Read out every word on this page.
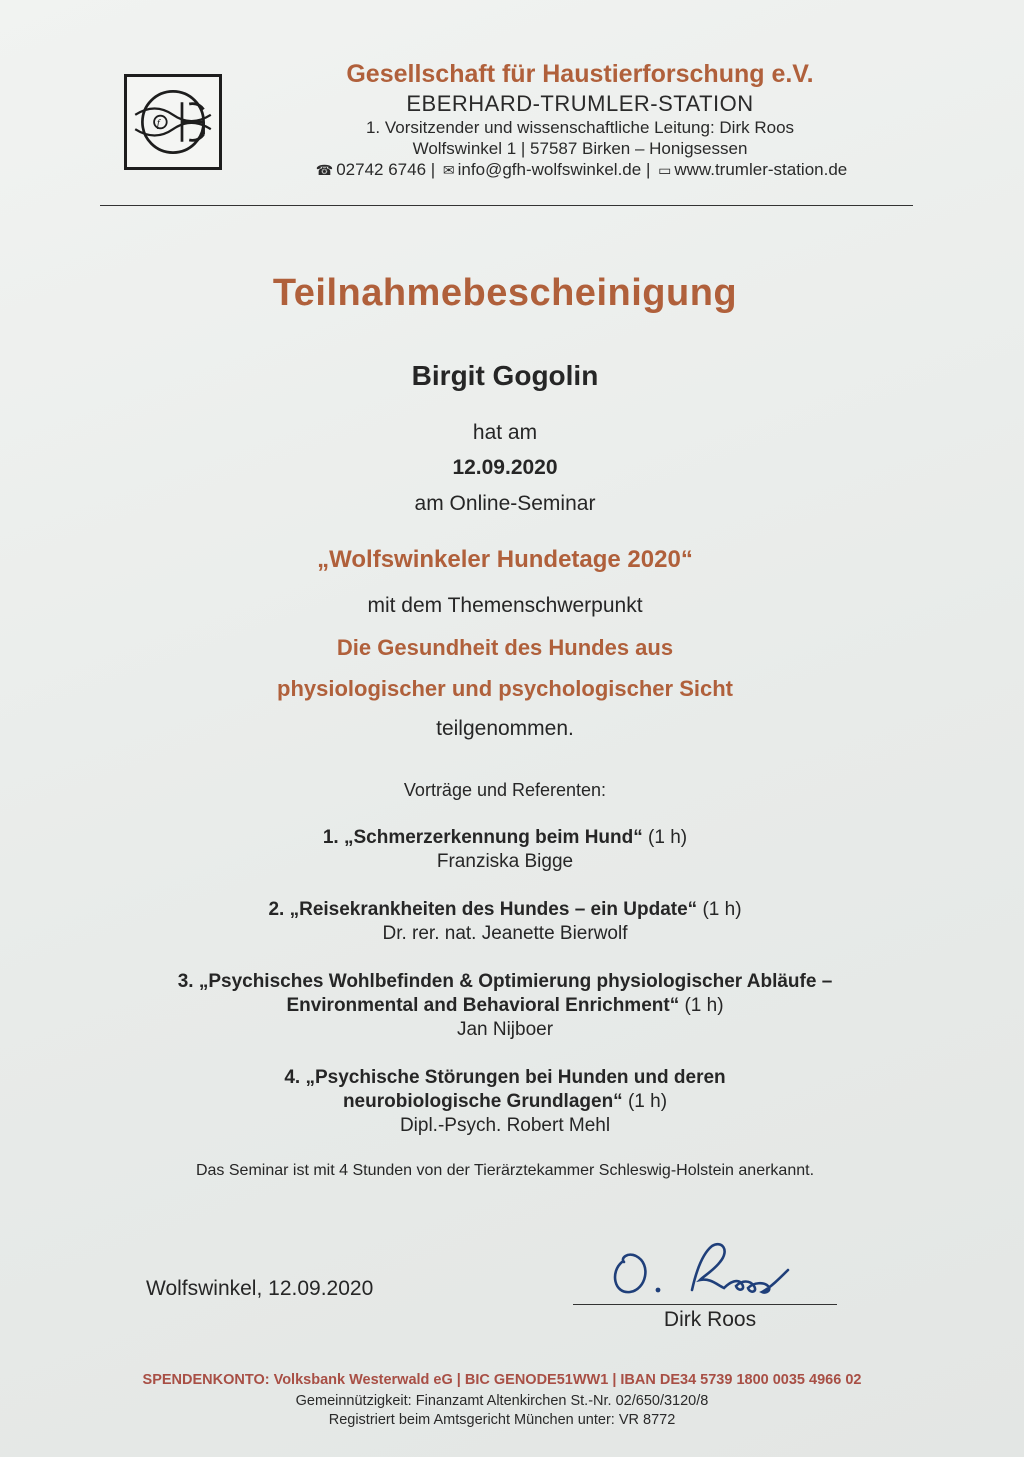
f
Gesellschaft für Haustierforschung e.V.
EBERHARD-TRUMLER-STATION
1. Vorsitzender und wissenschaftliche Leitung: Dirk Roos
Wolfswinkel 1 | 57587 Birken – Honigsessen
☎ 02742 6746 | ✉ info@gfh-wolfswinkel.de | ▭ www.trumler-station.de
Teilnahmebescheinigung
Birgit Gogolin
hat am
12.09.2020
am Online-Seminar
„Wolfswinkeler Hundetage 2020“
mit dem Themenschwerpunkt
Die Gesundheit des Hundes aus
physiologischer und psychologischer Sicht
teilgenommen.
Vorträge und Referenten:
1. „Schmerzerkennung beim Hund“ (1 h)
Franziska Bigge
2. „Reisekrankheiten des Hundes – ein Update“ (1 h)
Dr. rer. nat. Jeanette Bierwolf
3. „Psychisches Wohlbefinden & Optimierung physiologischer Abläufe –
Environmental and Behavioral Enrichment“ (1 h)
Jan Nijboer
4. „Psychische Störungen bei Hunden und deren
neurobiologische Grundlagen“ (1 h)
Dipl.-Psych. Robert Mehl
Das Seminar ist mit 4 Stunden von der Tierärztekammer Schleswig-Holstein anerkannt.
Wolfswinkel, 12.09.2020
Dirk Roos
SPENDENKONTO: Volksbank Westerwald eG | BIC GENODE51WW1 | IBAN DE34 5739 1800 0035 4966 02
Gemeinnützigkeit: Finanzamt Altenkirchen St.-Nr. 02/650/3120/8
Registriert beim Amtsgericht München unter: VR 8772
